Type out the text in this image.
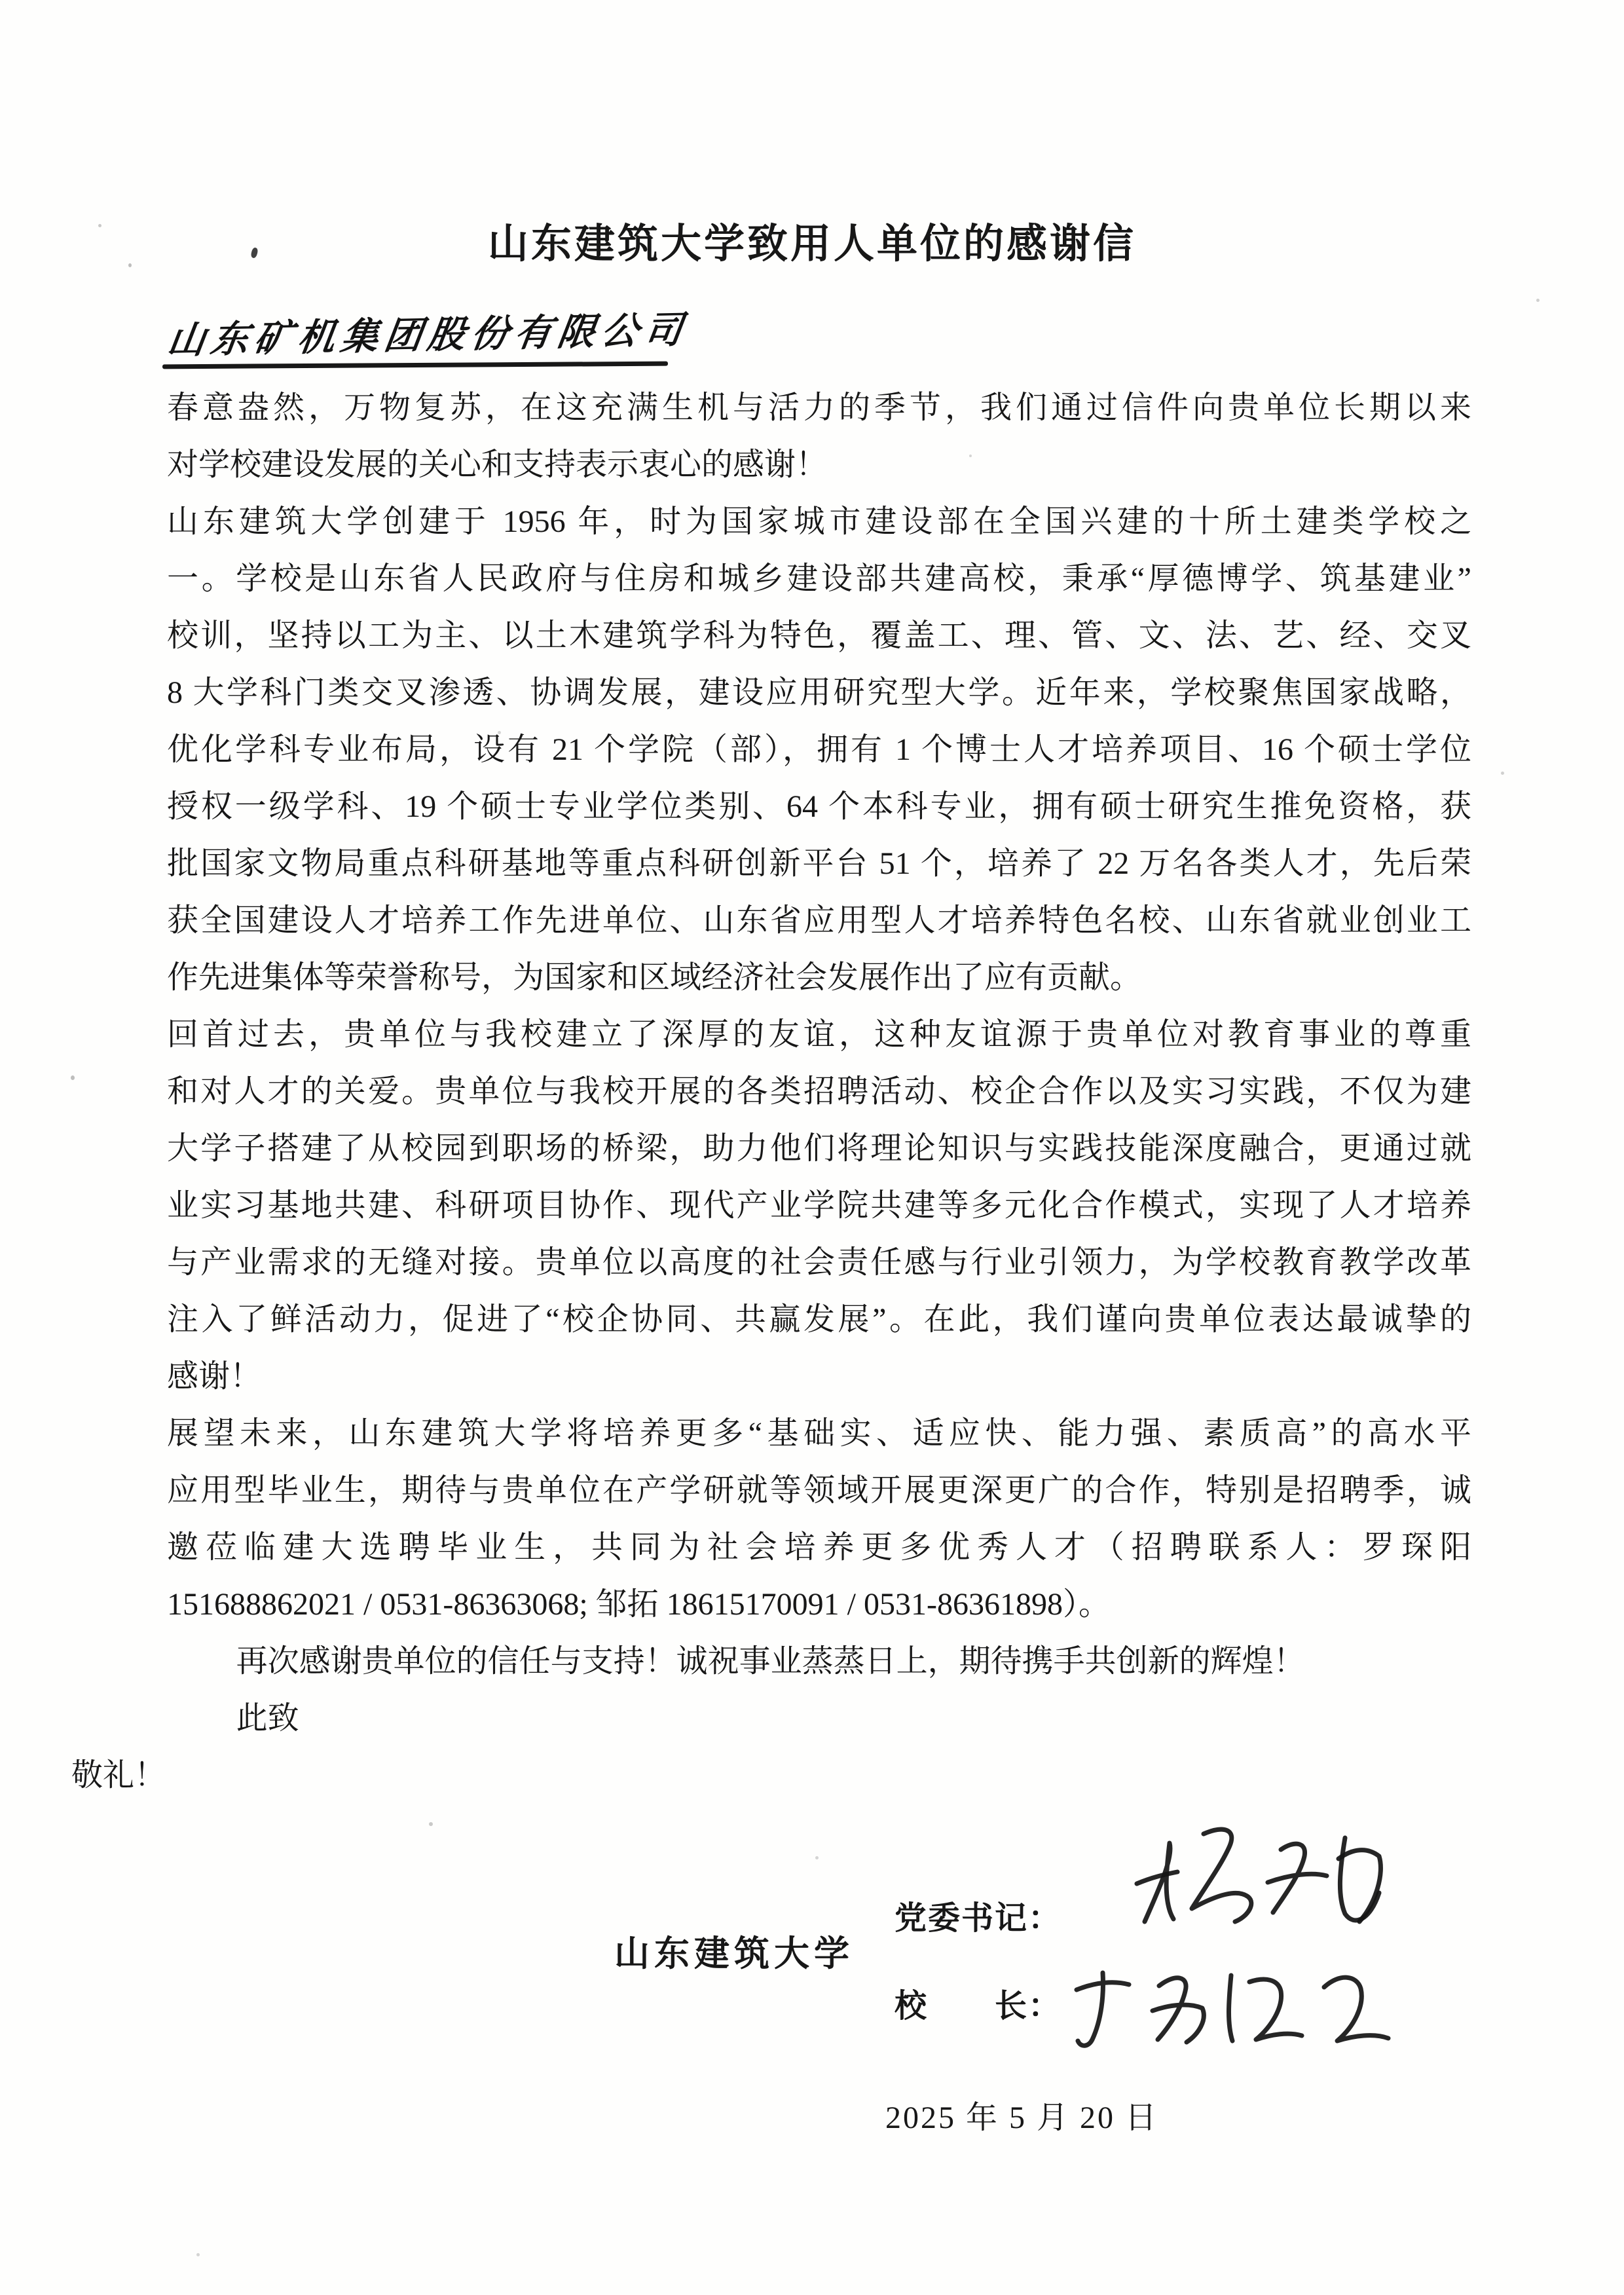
山东建筑大学致用人单位的感谢信
山东矿机集团股份有限公司
春意盎然，万物复苏，在这充满生机与活力的季节，我们通过信件向贵单位长期以来
对学校建设发展的关心和支持表示衷心的感谢！
山东建筑大学创建于 1956 年，时为国家城市建设部在全国兴建的十所土建类学校之
一。学校是山东省人民政府与住房和城乡建设部共建高校，秉承“厚德博学、筑基建业”
校训，坚持以工为主、以土木建筑学科为特色，覆盖工、理、管、文、法、艺、经、交叉
8 大学科门类交叉渗透、协调发展，建设应用研究型大学。近年来，学校聚焦国家战略，
优化学科专业布局，设有 21 个学院（部），拥有 1 个博士人才培养项目、16 个硕士学位
授权一级学科、19 个硕士专业学位类别、64 个本科专业，拥有硕士研究生推免资格，获
批国家文物局重点科研基地等重点科研创新平台 51 个，培养了 22 万名各类人才，先后荣
获全国建设人才培养工作先进单位、山东省应用型人才培养特色名校、山东省就业创业工
作先进集体等荣誉称号，为国家和区域经济社会发展作出了应有贡献。
回首过去，贵单位与我校建立了深厚的友谊，这种友谊源于贵单位对教育事业的尊重
和对人才的关爱。贵单位与我校开展的各类招聘活动、校企合作以及实习实践，不仅为建
大学子搭建了从校园到职场的桥梁，助力他们将理论知识与实践技能深度融合，更通过就
业实习基地共建、科研项目协作、现代产业学院共建等多元化合作模式，实现了人才培养
与产业需求的无缝对接。贵单位以高度的社会责任感与行业引领力，为学校教育教学改革
注入了鲜活动力，促进了“校企协同、共赢发展”。在此，我们谨向贵单位表达最诚挚的
感谢！
展望未来，山东建筑大学将培养更多“基础实、适应快、能力强、素质高”的高水平
应用型毕业生，期待与贵单位在产学研就等领域开展更深更广的合作，特别是招聘季，诚
邀莅临建大选聘毕业生，共同为社会培养更多优秀人才（招聘联系人：罗琛阳
151688862021 / 0531-86363068; 邹拓 18615170091 / 0531-86361898）。
再次感谢贵单位的信任与支持！诚祝事业蒸蒸日上，期待携手共创新的辉煌！
此致
敬礼！
山东建筑大学
党委书记：
校　　长：
2025 年 5 月 20 日
